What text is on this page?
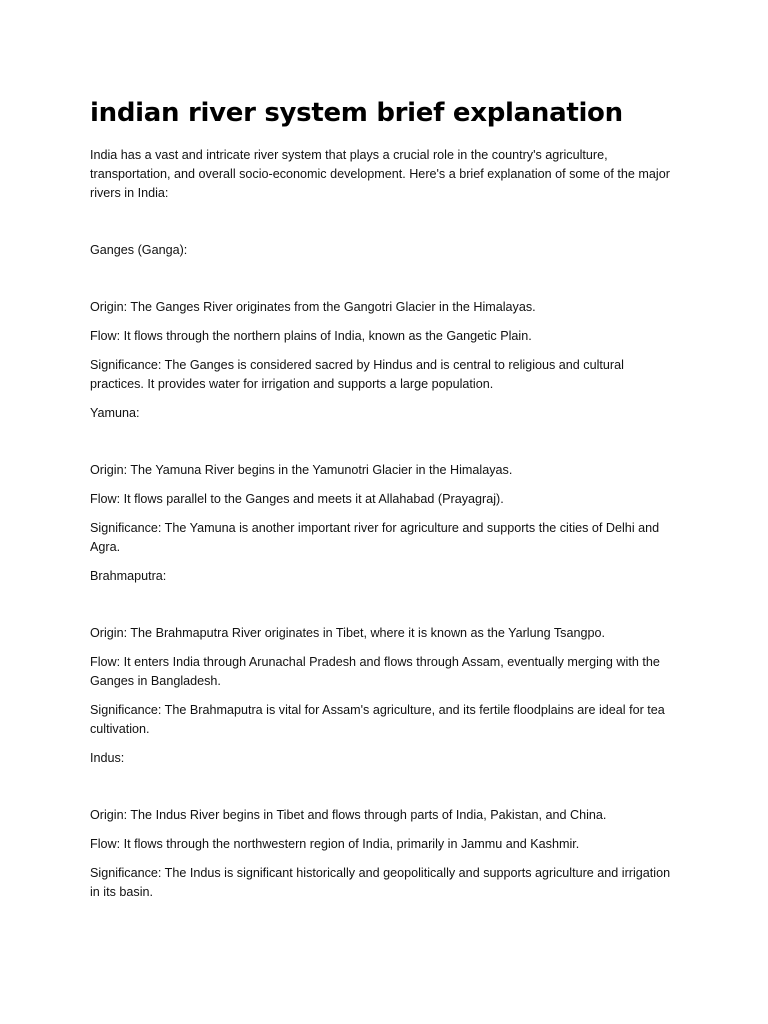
indian river system brief explanation

India has a vast and intricate river system that plays a crucial role in the country's agriculture, transportation, and overall socio-economic development. Here's a brief explanation of some of the major rivers in India:

Ganges (Ganga):

Origin: The Ganges River originates from the Gangotri Glacier in the Himalayas.

Flow: It flows through the northern plains of India, known as the Gangetic Plain.

Significance: The Ganges is considered sacred by Hindus and is central to religious and cultural practices. It provides water for irrigation and supports a large population.

Yamuna:

Origin: The Yamuna River begins in the Yamunotri Glacier in the Himalayas.

Flow: It flows parallel to the Ganges and meets it at Allahabad (Prayagraj).

Significance: The Yamuna is another important river for agriculture and supports the cities of Delhi and Agra.

Brahmaputra:

Origin: The Brahmaputra River originates in Tibet, where it is known as the Yarlung Tsangpo.

Flow: It enters India through Arunachal Pradesh and flows through Assam, eventually merging with the Ganges in Bangladesh.

Significance: The Brahmaputra is vital for Assam's agriculture, and its fertile floodplains are ideal for tea cultivation.

Indus:

Origin: The Indus River begins in Tibet and flows through parts of India, Pakistan, and China.

Flow: It flows through the northwestern region of India, primarily in Jammu and Kashmir.

Significance: The Indus is significant historically and geopolitically and supports agriculture and irrigation in its basin.
